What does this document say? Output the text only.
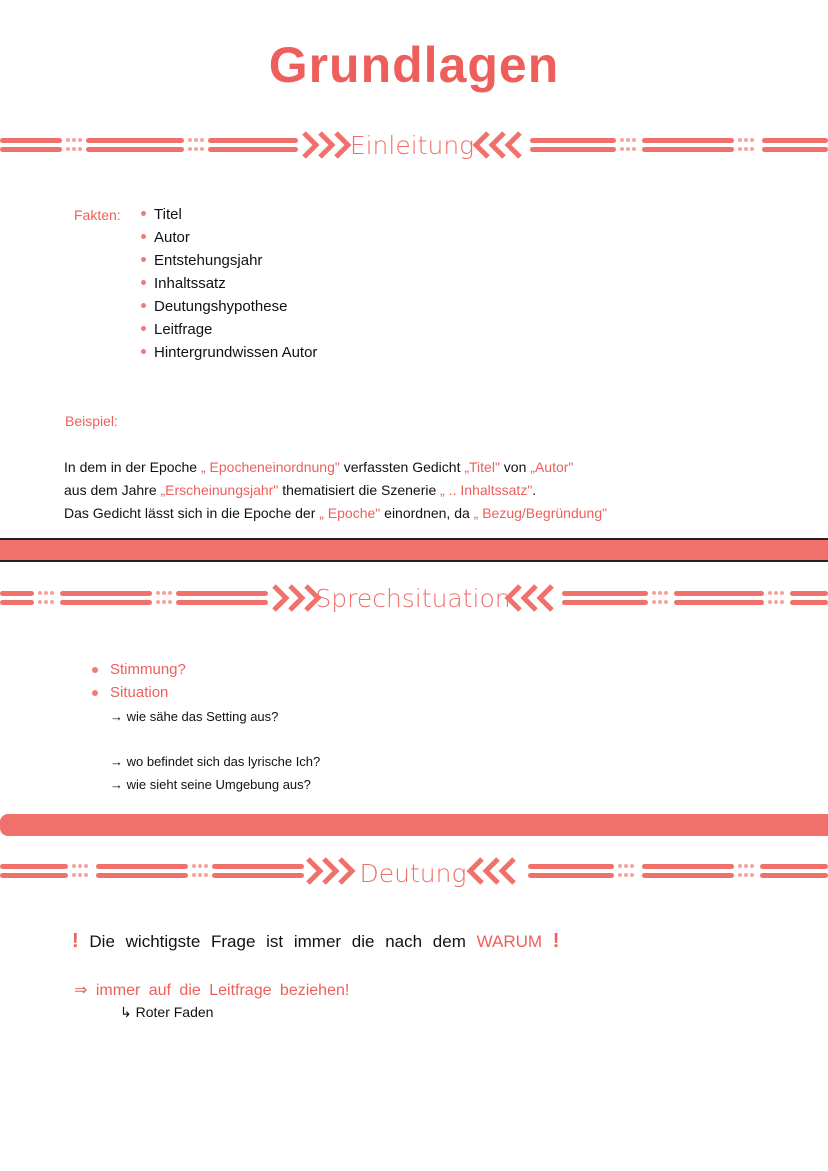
Grundlagen
Einleitung
Fakten:	Titel
Autor
Entstehungsjahr
Inhaltssatz
Deutungshypothese
Leitfrage
Hintergrundwissen Autor
Beispiel:

In dem in der Epoche „ Epocheneinordnung" verfassten Gedicht „Titel" von „Autor"

aus dem Jahre „Erscheinungsjahr" thematisiert die Szenerie „ .. Inhaltssatz".

Das Gedicht lässt sich in die Epoche der „ Epoche" einordnen, da „ Bezug/Begründung"

Sprechsituation
Stimmung?
Situation
→ wie sähe das Setting aus?
→ wo befindet sich das lyrische Ich?
→ wie sieht seine Umgebung aus?
Deutung
! Die wichtigste Frage ist immer die nach dem WARUM !
⇒ immer auf die Leitfrage beziehen!
↳ Roter Faden
